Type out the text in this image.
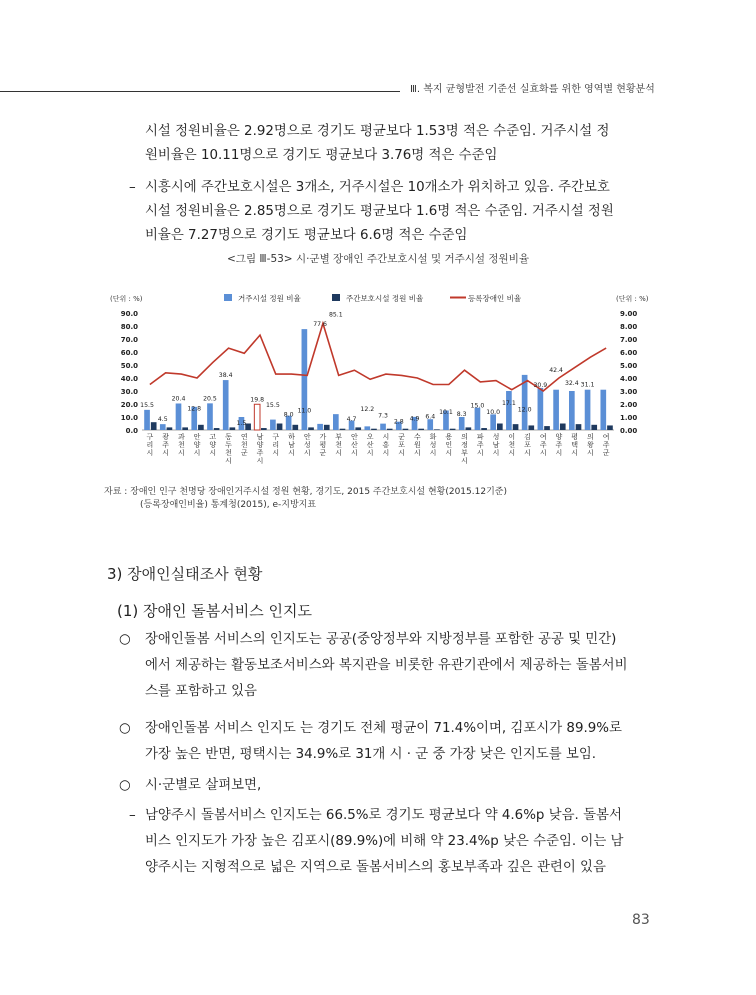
Ⅲ. 복지 균형발전 기준선 실효화를 위한 영역별 현황분석
시설 정원비율은 2.92명으로 경기도 평균보다 1.53명 적은 수준임. 거주시설 정
원비율은 10.11명으로 경기도 평균보다 3.76명 적은 수준임
– 시흥시에 주간보호시설은 3개소, 거주시설은 10개소가 위치하고 있음. 주간보호
시설 정원비율은 2.85명으로 경기도 평균보다 1.6명 적은 수준임. 거주시설 정원
비율은 7.27명으로 경기도 평균보다 6.6명 적은 수준임
<그림 Ⅲ-53> 시·군별 장애인 주간보호시설 및 거주시설 정원비율
(단위 : %)	(단위 : %)
거주시설 정원 비율	주간보호시설 정원 비율	등록장애인 비율
0.0
10.0
20.0
30.0
40.0
50.0
60.0
70.0
80.0
90.0
0.00
1.00
2.00
3.00
4.00
5.00
6.00
7.00
8.00
9.00
구 리 시
광 주 시
과 천 시
안 양 시
고 양 시
동 두 천 시
연 천 군
남 양 주 시
구 리 시
하 남 시
안 성 시
가 평 군
부 천 시
안 산 시
오 산 시
시 흥 시
군 포 시
수 원 시
화 성 시
용 인 시
의 정 부 시
파 주 시
성 남 시
이 천 시
김 포 시
여 주 시
양 주 시
평 택 시
의 왕 시
여 주 군
15.5
4.5
20.4
12.8
20.5
38.4
1.5
19.8
15.5
8.0
11.0
77.6
85.1
4.7
12.2
7.3
2.8 4.9 6.4
10.1 8.3
15.0
10.0
17.1
12.0
30.9
42.4
32.4 31.1
자료 : 장애인 인구 천명당 장애인거주시설 정원 현황, 경기도, 2015 주간보호시설 현황(2015.12기준)
(등록장애인비율) 통계청(2015), e-지방지표
3) 장애인실태조사 현황
(1) 장애인 돌봄서비스 인지도
○ 장애인돌봄 서비스의 인지도는 공공(중앙정부와 지방정부를 포함한 공공 및 민간)
에서 제공하는 활동보조서비스와 복지관을 비롯한 유관기관에서 제공하는 돌봄서비
스를 포함하고 있음
○ 장애인돌봄 서비스 인지도 는 경기도 전체 평균이 71.4%이며, 김포시가 89.9%로
가장 높은 반면, 평택시는 34.9%로 31개 시 · 군 중 가장 낮은 인지도를 보임.
○ 시·군별로 살펴보면,
– 남양주시 돌봄서비스 인지도는 66.5%로 경기도 평균보다 약 4.6%p 낮음. 돌봄서
비스 인지도가 가장 높은 김포시(89.9%)에 비해 약 23.4%p 낮은 수준임. 이는 남
양주시는 지형적으로 넓은 지역으로 돌봄서비스의 홍보부족과 깊은 관련이 있음
83
